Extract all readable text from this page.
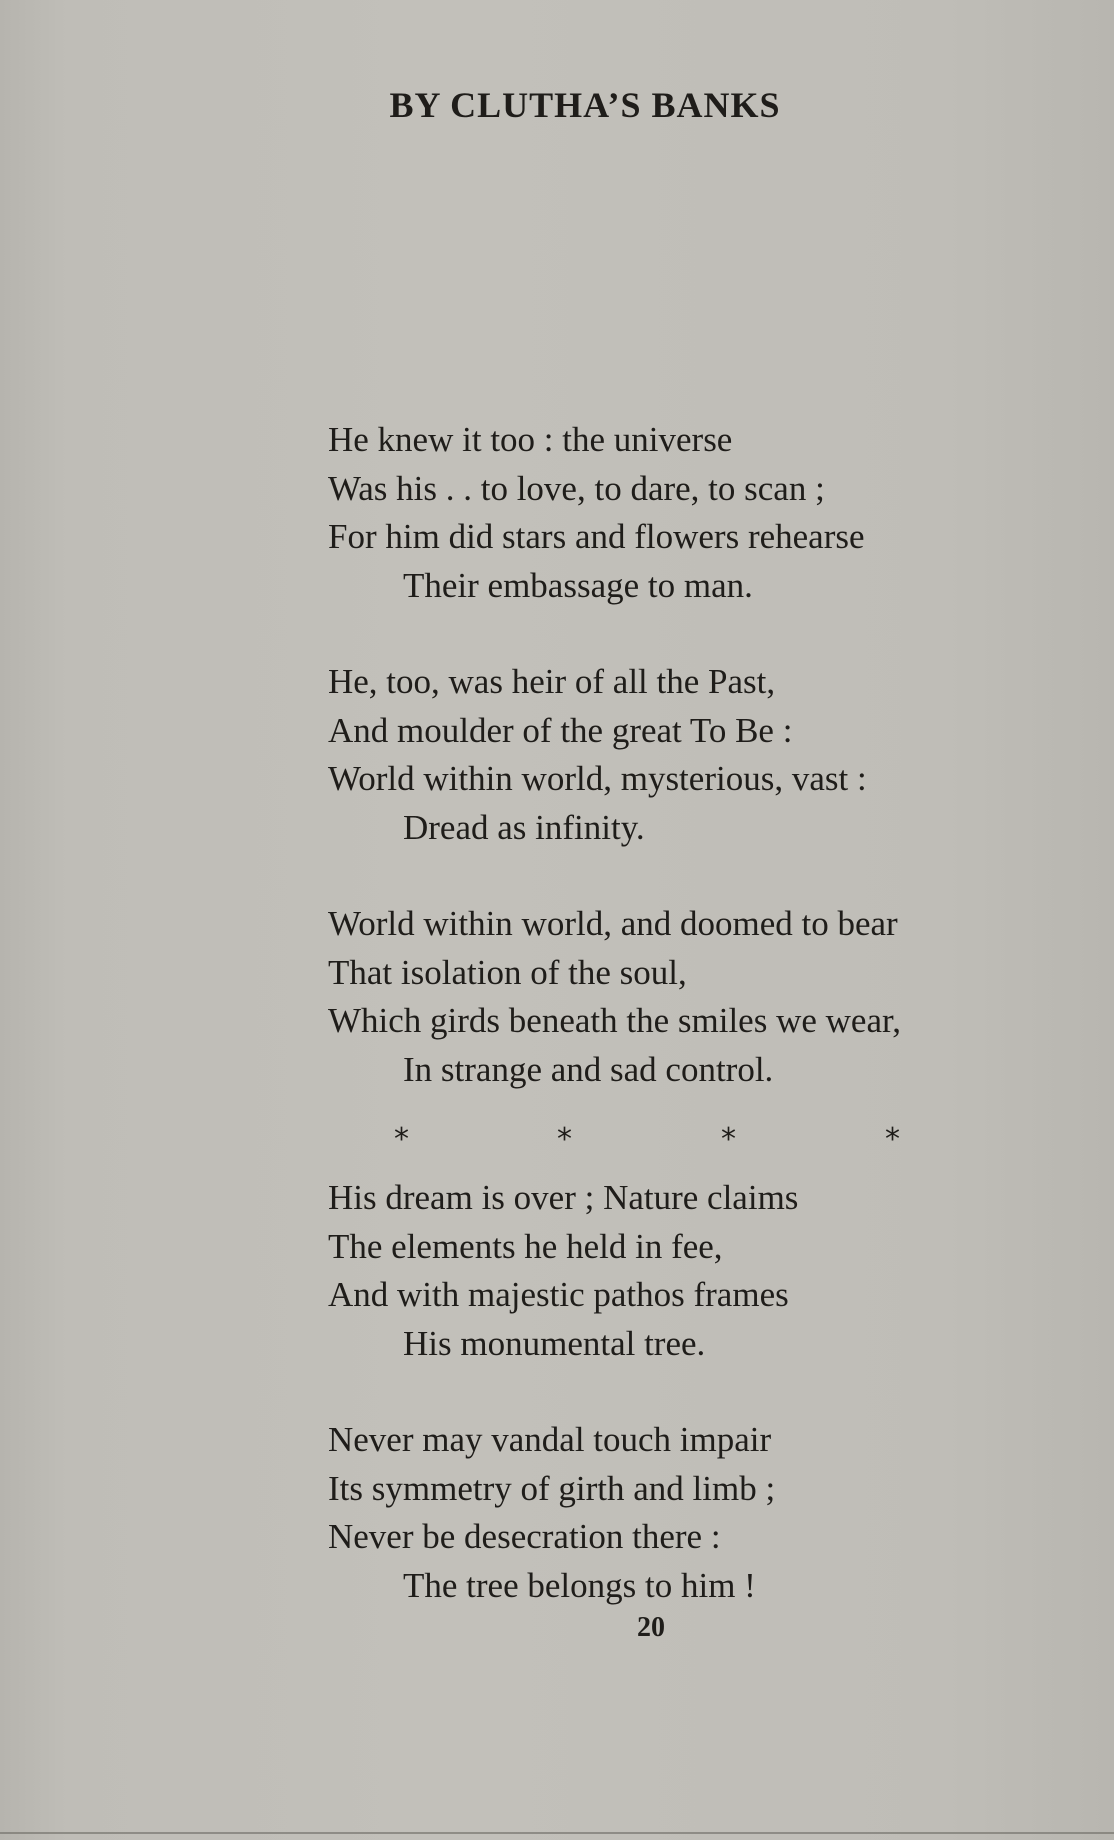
BY CLUTHA’S BANKS
He knew it too : the universe
Was his . . to love, to dare, to scan ;
For him did stars and flowers rehearse
Their embassage to man.
He, too, was heir of all the Past,
And moulder of the great To Be :
World within world, mysterious, vast :
Dread as infinity.
World within world, and doomed to bear
That isolation of the soul,
Which girds beneath the smiles we wear,
In strange and sad control.
*	*	*	*
His dream is over ; Nature claims
The elements he held in fee,
And with majestic pathos frames
His monumental tree.
Never may vandal touch impair
Its symmetry of girth and limb ;
Never be desecration there :
The tree belongs to him !
20
